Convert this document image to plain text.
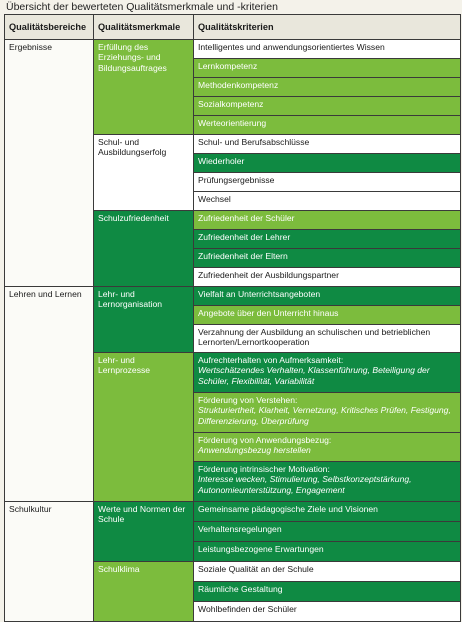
Übersicht der bewerteten Qualitätsmerkmale und -kriterien
Qualitätsbereiche	Qualitätsmerkmale	Qualitätskriterien
Ergebnisse	Erfüllung des Erziehungs- und Bildungsauftrages	Intelligentes und anwendungsorientiertes Wissen
		Lernkompetenz
		Methodenkompetenz
		Sozialkompetenz
		Werteorientierung
	Schul- und Ausbildungserfolg	Schul- und Berufsabschlüsse
		Wiederholer
		Prüfungsergebnisse
		Wechsel
	Schulzufriedenheit	Zufriedenheit der Schüler
		Zufriedenheit der Lehrer
		Zufriedenheit der Eltern
		Zufriedenheit der Ausbildungspartner
Lehren und Lernen	Lehr- und Lernorganisation	Vielfalt an Unterrichtsangeboten
		Angebote über den Unterricht hinaus
		Verzahnung der Ausbildung an schulischen und betrieblichen Lernorten/Lernortkooperation
	Lehr- und Lernprozesse	Aufrechterhalten von Aufmerksamkeit:
Wertschätzendes Verhalten, Klassenführung, Beteiligung der Schüler, Flexibilität, Variabilität

		Förderung von Verstehen:
Strukturiertheit, Klarheit, Vernetzung, Kritisches Prüfen, Festigung, Differenzierung, Überprüfung

		Förderung von Anwendungsbezug:
Anwendungsbezug herstellen

		Förderung intrinsischer Motivation:
Interesse wecken, Stimulierung, Selbstkonzeptstärkung, Autonomieunterstützung, Engagement

Schulkultur	Werte und Normen der Schule	Gemeinsame pädagogische Ziele und Visionen
		Verhaltensregelungen
		Leistungsbezogene Erwartungen
	Schulklima	Soziale Qualität an der Schule
		Räumliche Gestaltung
		Wohlbefinden der Schüler
